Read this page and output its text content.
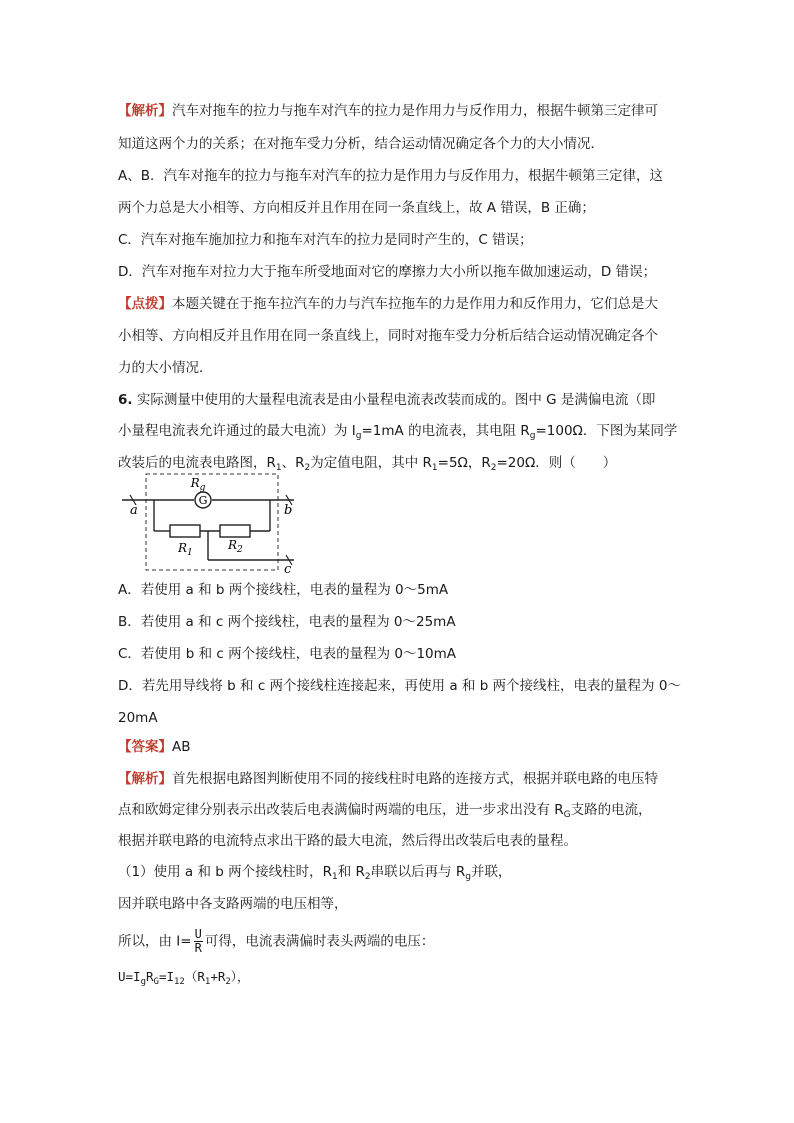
【解析】汽车对拖车的拉力与拖车对汽车的拉力是作用力与反作用力，根据牛顿第三定律可
知道这两个力的关系；在对拖车受力分析，结合运动情况确定各个力的大小情况．
A、B．汽车对拖车的拉力与拖车对汽车的拉力是作用力与反作用力，根据牛顿第三定律，这
两个力总是大小相等、方向相反并且作用在同一条直线上，故 A 错误，B 正确；
C．汽车对拖车施加拉力和拖车对汽车的拉力是同时产生的，C 错误；
D．汽车对拖车对拉力大于拖车所受地面对它的摩擦力大小所以拖车做加速运动，D 错误；
【点拨】本题关键在于拖车拉汽车的力与汽车拉拖车的力是作用力和反作用力，它们总是大
小相等、方向相反并且作用在同一条直线上，同时对拖车受力分析后结合运动情况确定各个
力的大小情况．
6. 实际测量中使用的大量程电流表是由小量程电流表改装而成的。图中 G 是满偏电流（即
小量程电流表允许通过的最大电流）为 $I_g=1mA$ 的电流表，其电阻 $R_g=100\Omega$．下图为某同学
改装后的电流表电路图，$R_1$、$R_2$为定值电阻，其中 $R_1=5\Omega$，$R_2=20\Omega$．则（　　）
G
$R_g$
a	b
c
$R_1$
$R_2$
A．若使用 a 和 b 两个接线柱，电表的量程为 0～5mA
B．若使用 a 和 c 两个接线柱，电表的量程为 0～25mA
C．若使用 b 和 c 两个接线柱，电表的量程为 0～10mA
D．若先用导线将 b 和 c 两个接线柱连接起来，再使用 a 和 b 两个接线柱，电表的量程为 0～
20mA
【答案】AB
【解析】首先根据电路图判断使用不同的接线柱时电路的连接方式，根据并联电路的电压特
点和欧姆定律分别表示出改装后电表满偏时两端的电压，进一步求出没有 $R_G$支路的电流，
根据并联电路的电流特点求出干路的最大电流，然后得出改装后电表的量程。
（1）使用 a 和 b 两个接线柱时，$R_1$和 $R_2$串联以后再与 $R_g$并联，
因并联电路中各支路两端的电压相等，
所以，由 $I= \frac{U}{R}$ 可得，电流表满偏时表头两端的电压：
$U=I_gR_G=I_{12}(R_1+R_2)$，
